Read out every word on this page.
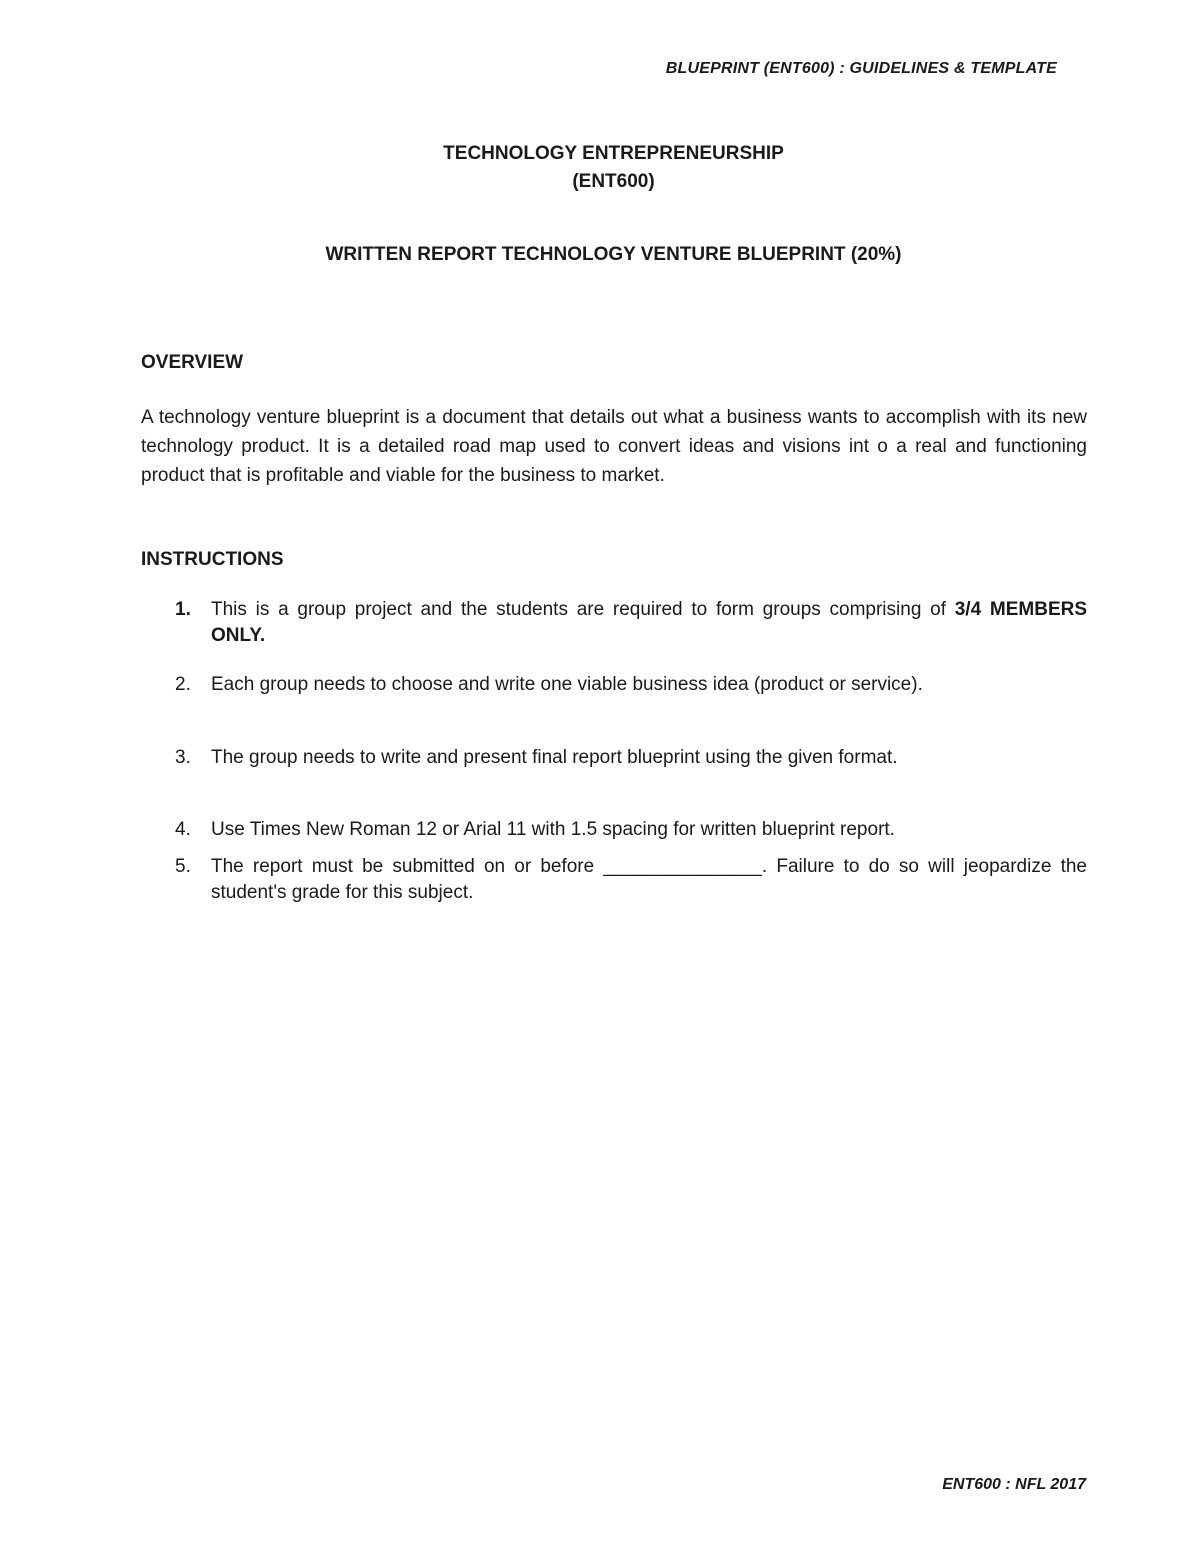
BLUEPRINT (ENT600) : GUIDELINES & TEMPLATE
TECHNOLOGY ENTREPRENEURSHIP
(ENT600)
WRITTEN REPORT TECHNOLOGY VENTURE BLUEPRINT (20%)
OVERVIEW
A technology venture blueprint is a document that details out what a business wants to accomplish with its new technology product. It is a detailed road map used to convert ideas and visions int o a real and functioning product that is profitable and viable for the business to market.
INSTRUCTIONS
1. This is a group project and the students are required to form groups comprising of 3/4 MEMBERS ONLY.
2. Each group needs to choose and write one viable business idea (product or service).
3. The group needs to write and present final report blueprint using the given format.
4. Use Times New Roman 12 or Arial 11 with 1.5 spacing for written blueprint report.
5. The report must be submitted on or before _______________. Failure to do so will jeopardize the student's grade for this subject.
ENT600 : NFL 2017
